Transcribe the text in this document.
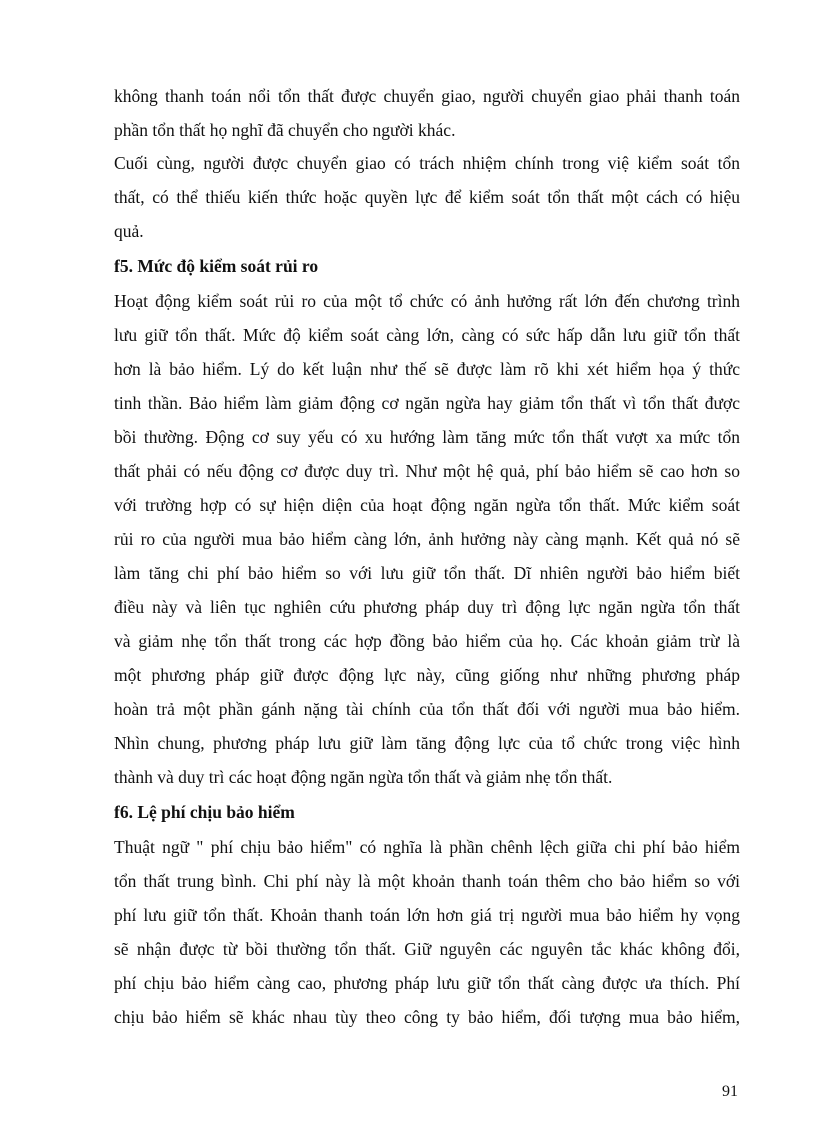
không thanh toán nổi tổn thất được chuyển giao, người chuyển giao phải thanh toán
phần tổn thất họ nghĩ đã chuyển cho người khác.
Cuối cùng, người được chuyển giao có trách nhiệm chính trong việ kiểm soát tổn
thất, có thể thiếu kiến thức hoặc quyền lực để kiểm soát tổn thất một cách có hiệu
quả.
f5. Mức độ kiểm soát rủi ro
Hoạt động kiểm soát rủi ro của một tổ chức có ảnh hưởng rất lớn đến chương trình
lưu giữ tổn thất. Mức độ kiểm soát càng lớn, càng có sức hấp dẫn lưu giữ tổn thất
hơn là bảo hiểm. Lý do kết luận như thế sẽ được làm rõ khi xét hiểm họa ý thức
tinh thần. Bảo hiểm làm giảm động cơ ngăn ngừa hay giảm tổn thất vì tổn thất được
bồi thường. Động cơ suy yếu có xu hướng làm tăng mức tổn thất vượt xa mức tổn
thất phải có nếu động cơ được duy trì. Như một hệ quả, phí bảo hiểm sẽ cao hơn so
với trường hợp có sự hiện diện của hoạt động ngăn ngừa tổn thất. Mức kiểm soát
rủi ro của người mua bảo hiểm càng lớn, ảnh hưởng này càng mạnh. Kết quả nó sẽ
làm tăng chi phí bảo hiểm so với lưu giữ tổn thất. Dĩ nhiên người bảo hiểm biết
điều này và liên tục nghiên cứu phương pháp duy trì động lực ngăn ngừa tổn thất
và giảm nhẹ tổn thất trong các hợp đồng bảo hiểm của họ. Các khoản giảm trừ là
một phương pháp giữ được động lực này, cũng giống như những phương pháp
hoàn trả một phần gánh nặng tài chính của tổn thất đối với người mua bảo hiểm.
Nhìn chung, phương pháp lưu giữ làm tăng động lực của tổ chức trong việc hình
thành và duy trì các hoạt động ngăn ngừa tổn thất và giảm nhẹ tổn thất.
f6. Lệ phí chịu bảo hiểm
Thuật ngữ " phí chịu bảo hiểm" có nghĩa là phần chênh lệch giữa chi phí bảo hiểm
tổn thất trung bình. Chi phí này là một khoản thanh toán thêm cho bảo hiểm so với
phí lưu giữ tổn thất. Khoản thanh toán lớn hơn giá trị người mua bảo hiểm hy vọng
sẽ nhận được từ bồi thường tổn thất. Giữ nguyên các nguyên tắc khác không đổi,
phí chịu bảo hiểm càng cao, phương pháp lưu giữ tổn thất càng được ưa thích. Phí
chịu bảo hiểm sẽ khác nhau tùy theo công ty bảo hiểm, đối tượng mua bảo hiểm,
91
